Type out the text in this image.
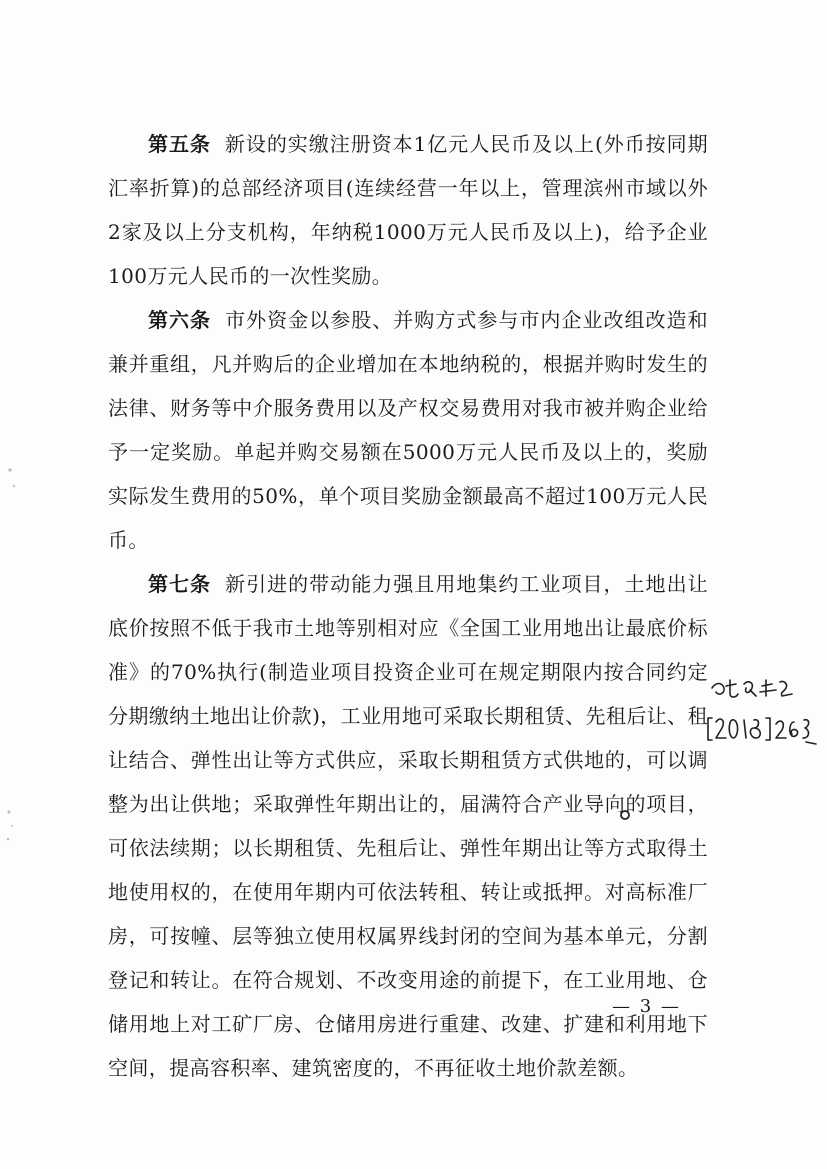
第五条 新设的实缴注册资本1亿元人民币及以上(外币按同期汇率折算)的总部经济项目(连续经营一年以上，管理滨州市域以外2家及以上分支机构，年纳税1000万元人民币及以上)，给予企业100万元人民币的一次性奖励。

第六条 市外资金以参股、并购方式参与市内企业改组改造和兼并重组，凡并购后的企业增加在本地纳税的，根据并购时发生的法律、财务等中介服务费用以及产权交易费用对我市被并购企业给予一定奖励。单起并购交易额在5000万元人民币及以上的，奖励实际发生费用的50%，单个项目奖励金额最高不超过100万元人民币。

第七条 新引进的带动能力强且用地集约工业项目，土地出让底价按照不低于我市土地等别相对应《全国工业用地出让最底价标准》的70%执行(制造业项目投资企业可在规定期限内按合同约定分期缴纳土地出让价款)，工业用地可采取长期租赁、先租后让、租让结合、弹性出让等方式供应，采取长期租赁方式供地的，可以调整为出让供地；采取弹性年期出让的，届满符合产业导向的项目，可依法续期；以长期租赁、先租后让、弹性年期出让等方式取得土地使用权的，在使用年期内可依法转租、转让或抵押。对高标准厂房，可按幢、层等独立使用权属界线封闭的空间为基本单元，分割登记和转让。在符合规划、不改变用途的前提下，在工业用地、仓储用地上对工矿厂房、仓储用房进行重建、改建、扩建和利用地下空间，提高容积率、建筑密度的，不再征收土地价款差额。

— 3 —
